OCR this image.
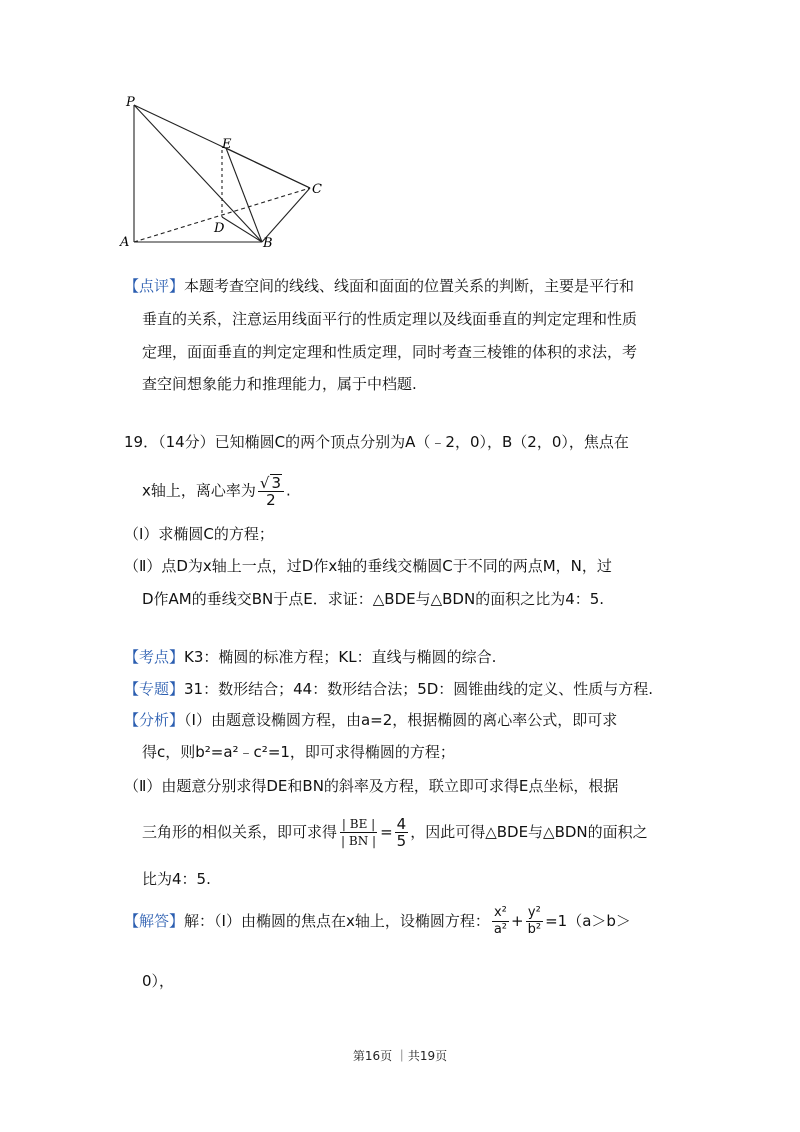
P
E
C
D
A	B
【点评】本题考查空间的线线、线面和面面的位置关系的判断，主要是平行和
垂直的关系，注意运用线面平行的性质定理以及线面垂直的判定定理和性质
定理，面面垂直的判定定理和性质定理，同时考查三棱锥的体积的求法，考
查空间想象能力和推理能力，属于中档题.
19．（14分）已知椭圆C的两个顶点分别为A（﹣2，0），B（2，0），焦点在
x轴上，离心率为 $\frac{√ 3}{2}$ .
（Ⅰ）求椭圆C的方程；
（Ⅱ）点D为x轴上一点，过D作x轴的垂线交椭圆C于不同的两点M，N，过
D作AM的垂线交BN于点E．求证：△BDE与△BDN的面积之比为4：5.
【考点】K3：椭圆的标准方程；KL：直线与椭圆的综合.
【专题】31：数形结合；44：数形结合法；5D：圆锥曲线的定义、性质与方程.
【分析】（Ⅰ）由题意设椭圆方程，由a=2，根据椭圆的离心率公式，即可求
得c，则b²=a²﹣c²=1，即可求得椭圆的方程；
（Ⅱ）由题意分别求得DE和BN的斜率及方程，联立即可求得E点坐标，根据
三角形的相似关系，即可求得 $\frac{| BE |}{| BN |} = \frac{4}{5}$ ，因此可得△BDE与△BDN的面积之
比为4：5.
【解答】解：（Ⅰ）由椭圆的焦点在x轴上，设椭圆方程： $\frac{\text{x²}}{\text{a²}} + \frac{\text{y²}}{\text{b²}} =1(a>b>$
0），
第16页 ｜共19页
